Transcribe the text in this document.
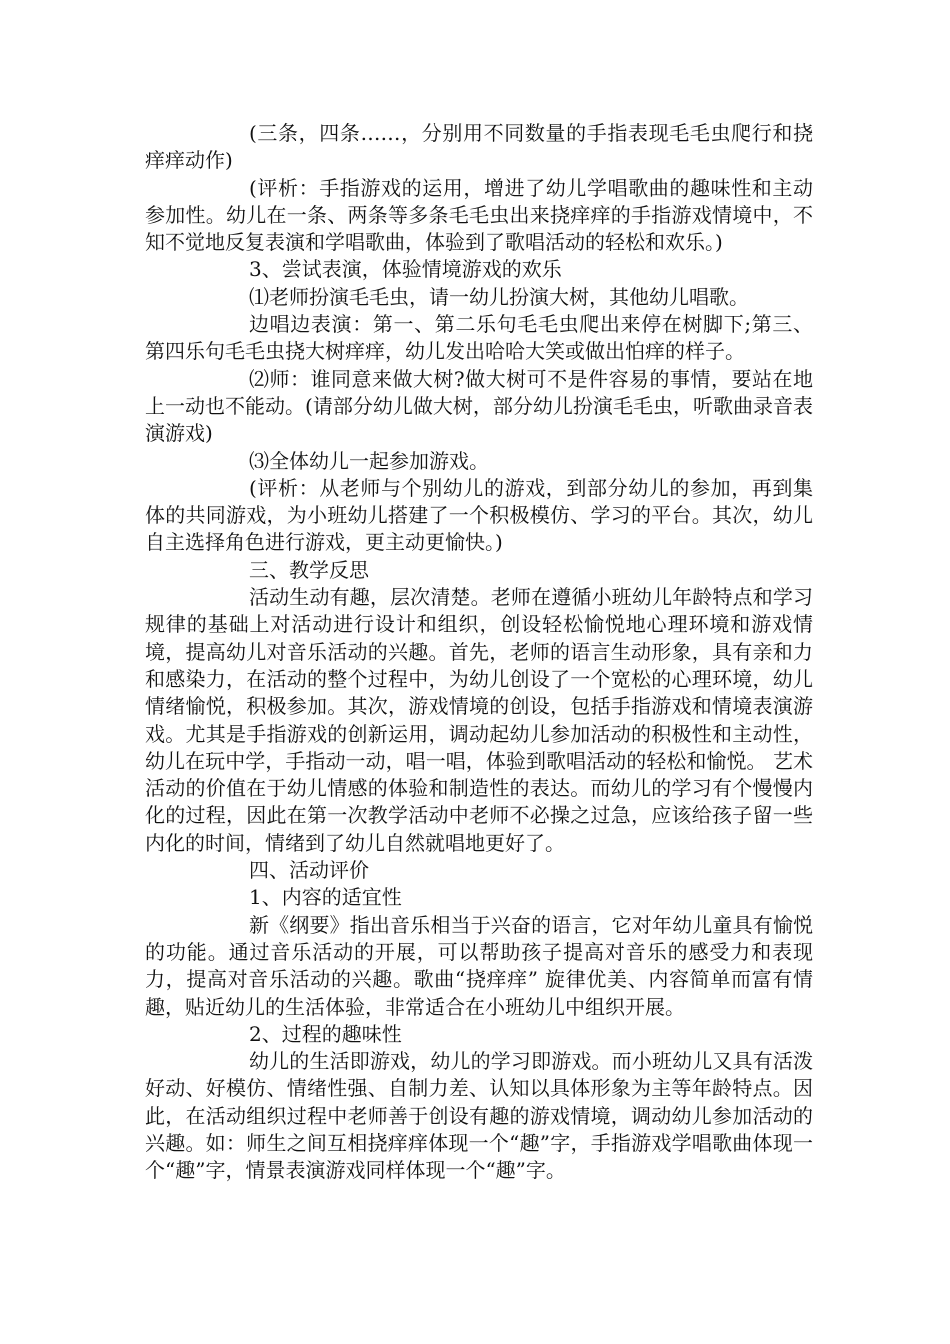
(三条，四条……，分别用不同数量的手指表现毛毛虫爬行和挠痒痒动作)

(评析：手指游戏的运用，增进了幼儿学唱歌曲的趣味性和主动参加性。幼儿在一条、两条等多条毛毛虫出来挠痒痒的手指游戏情境中，不知不觉地反复表演和学唱歌曲，体验到了歌唱活动的轻松和欢乐。)

3、尝试表演，体验情境游戏的欢乐

⑴老师扮演毛毛虫，请一幼儿扮演大树，其他幼儿唱歌。

边唱边表演：第一、第二乐句毛毛虫爬出来停在树脚下;第三、第四乐句毛毛虫挠大树痒痒，幼儿发出哈哈大笑或做出怕痒的样子。

⑵师：谁同意来做大树?做大树可不是件容易的事情，要站在地上一动也不能动。(请部分幼儿做大树，部分幼儿扮演毛毛虫，听歌曲录音表演游戏)

⑶全体幼儿一起参加游戏。

(评析：从老师与个别幼儿的游戏，到部分幼儿的参加，再到集体的共同游戏，为小班幼儿搭建了一个积极模仿、学习的平台。其次，幼儿自主选择角色进行游戏，更主动更愉快。)

三、教学反思

活动生动有趣，层次清楚。老师在遵循小班幼儿年龄特点和学习规律的基础上对活动进行设计和组织，创设轻松愉悦地心理环境和游戏情境，提高幼儿对音乐活动的兴趣。首先，老师的语言生动形象，具有亲和力和感染力，在活动的整个过程中，为幼儿创设了一个宽松的心理环境，幼儿情绪愉悦，积极参加。其次，游戏情境的创设，包括手指游戏和情境表演游戏。尤其是手指游戏的创新运用，调动起幼儿参加活动的积极性和主动性，幼儿在玩中学，手指动一动，唱一唱，体验到歌唱活动的轻松和愉悦。 艺术活动的价值在于幼儿情感的体验和制造性的表达。而幼儿的学习有个慢慢内化的过程，因此在第一次教学活动中老师不必操之过急，应该给孩子留一些内化的时间，情绪到了幼儿自然就唱地更好了。

四、活动评价

1、内容的适宜性

新《纲要》指出音乐相当于兴奋的语言，它对年幼儿童具有愉悦的功能。通过音乐活动的开展，可以帮助孩子提高对音乐的感受力和表现力，提高对音乐活动的兴趣。歌曲“挠痒痒” 旋律优美、内容简单而富有情趣，贴近幼儿的生活体验，非常适合在小班幼儿中组织开展。

2、过程的趣味性

幼儿的生活即游戏，幼儿的学习即游戏。而小班幼儿又具有活泼好动、好模仿、情绪性强、自制力差、认知以具体形象为主等年龄特点。因此，在活动组织过程中老师善于创设有趣的游戏情境，调动幼儿参加活动的兴趣。如：师生之间互相挠痒痒体现一个“趣”字，手指游戏学唱歌曲体现一个“趣”字，情景表演游戏同样体现一个“趣”字。
